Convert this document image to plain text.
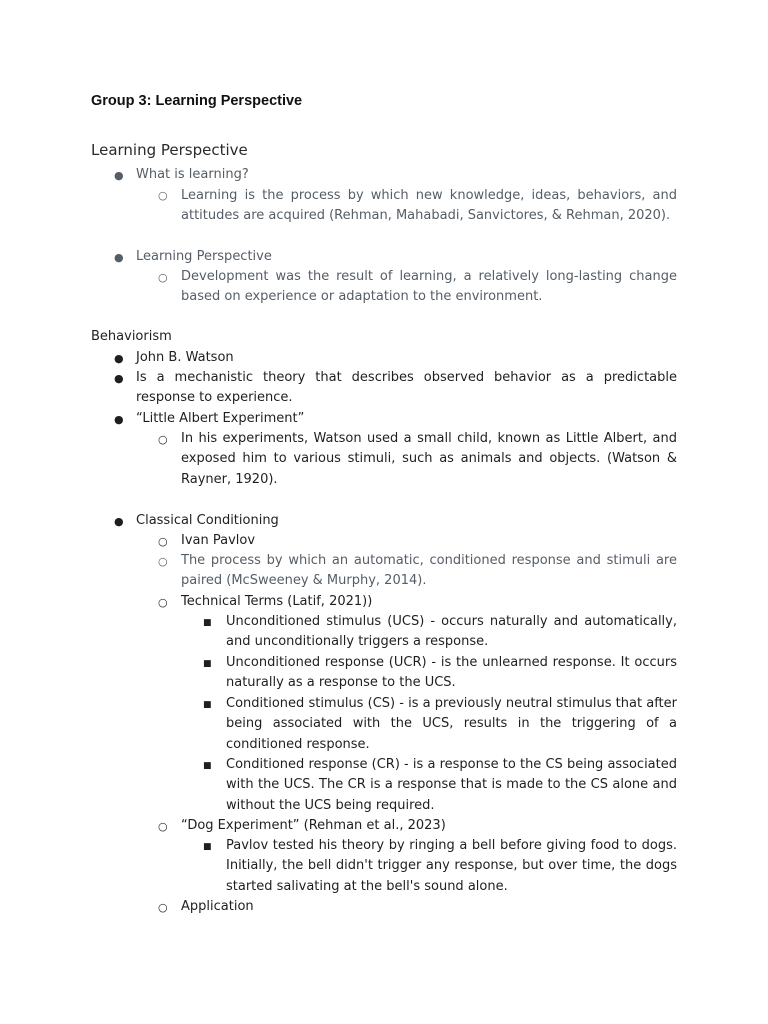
Group 3: Learning Perspective
Learning Perspective
● What is learning?

○ Learning is the process by which new knowledge, ideas, behaviors, and attitudes are acquired (Rehman, Mahabadi, Sanvictores, & Rehman, 2020).

● Learning Perspective

○ Development was the result of learning, a relatively long-lasting change based on experience or adaptation to the environment.

Behaviorism
● John B. Watson

● Is a mechanistic theory that describes observed behavior as a predictable response to experience.

● “Little Albert Experiment”

○ In his experiments, Watson used a small child, known as Little Albert, and exposed him to various stimuli, such as animals and objects. (Watson & Rayner, 1920).

● Classical Conditioning

○ Ivan Pavlov

○ The process by which an automatic, conditioned response and stimuli are paired (McSweeney & Murphy, 2014).

○ Technical Terms (Latif, 2021))

■ Unconditioned stimulus (UCS) - occurs naturally and automatically, and unconditionally triggers a response.

■ Unconditioned response (UCR) - is the unlearned response. It occurs naturally as a response to the UCS.

■ Conditioned stimulus (CS) - is a previously neutral stimulus that after being associated with the UCS, results in the triggering of a conditioned response.

■ Conditioned response (CR) - is a response to the CS being associated with the UCS. The CR is a response that is made to the CS alone and without the UCS being required.

○ “Dog Experiment” (Rehman et al., 2023)

■ Pavlov tested his theory by ringing a bell before giving food to dogs. Initially, the bell didn't trigger any response, but over time, the dogs started salivating at the bell's sound alone.

○ Application
